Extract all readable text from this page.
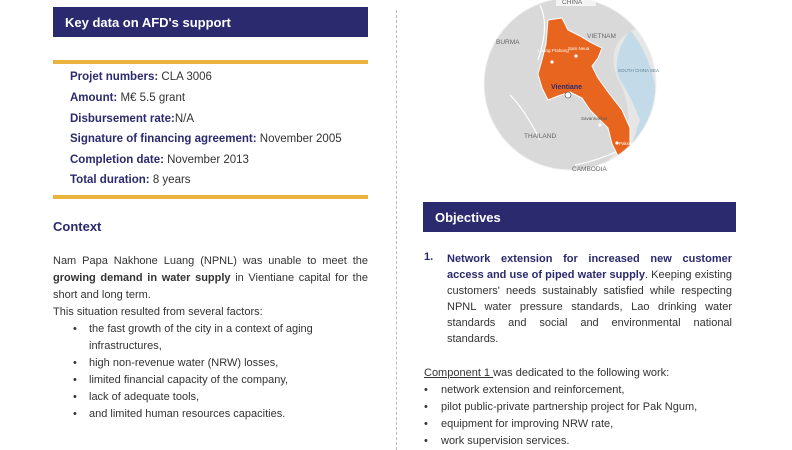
Key data on AFD's support
Projet numbers: CLA 3006
Amount: M€ 5.5 grant
Disbursement rate:N/A
Signature of financing agreement: November 2005
Completion date: November 2013
Total duration: 8 years
Context
Nam Papa Nakhone Luang (NPNL) was unable to meet the growing demand in water supply in Vientiane capital for the short and long term.
This situation resulted from several factors:
• the fast growth of the city in a context of aging infrastructures,
• high non-revenue water (NRW) losses,
• limited financial capacity of the company,
• lack of adequate tools,
• and limited human resources capacities.
CHINA
BURMA
VIETNAM
Luang Prabang Sam Neua
Vientiane
SOUTH CHINA SEA
THAILAND
Savannakhet
Pakse
CAMBODIA
Objectives
1. Network extension for increased new customer access and use of piped water supply. Keeping existing customers' needs sustainably satisfied while respecting NPNL water pressure standards, Lao drinking water standards and social and environmental national standards.
Component 1 was dedicated to the following work:
• network extension and reinforcement,
• pilot public-private partnership project for Pak Ngum,
• equipment for improving NRW rate,
• work supervision services.
